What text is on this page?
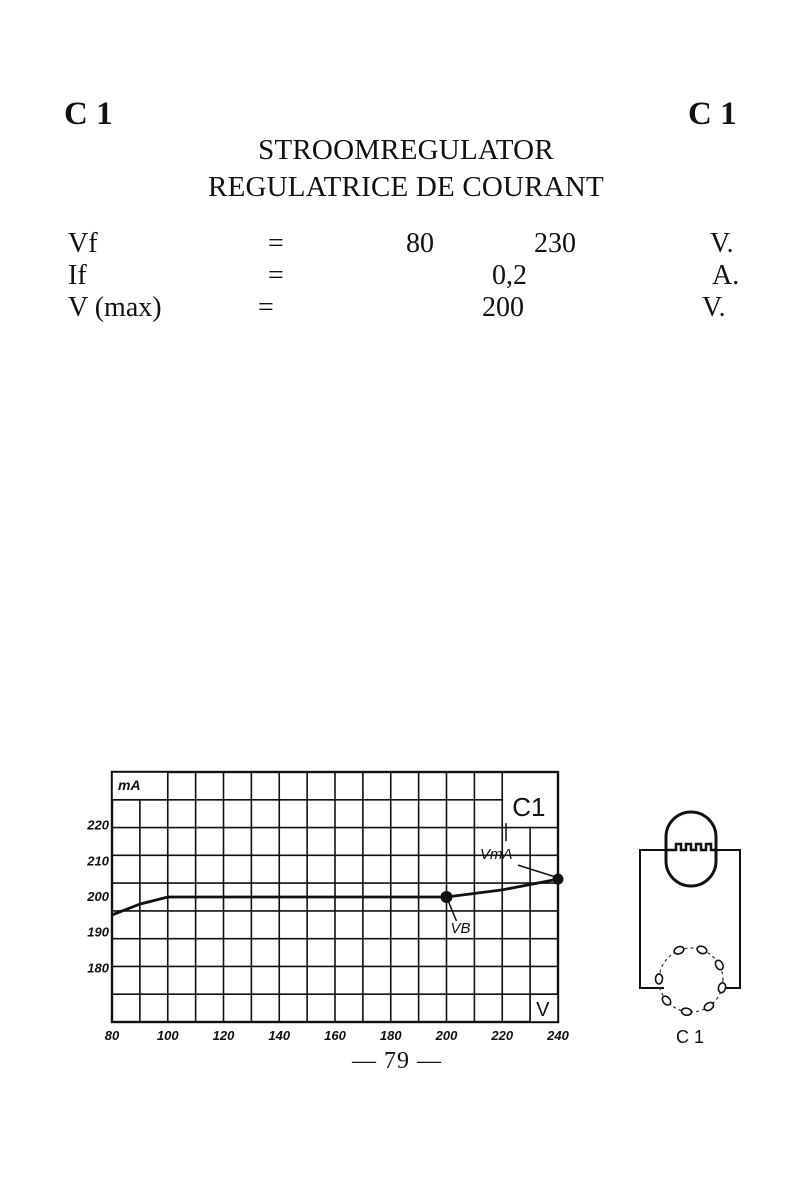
C 1	C 1
STROOMREGULATOR
REGULATRICE DE COURANT
Vf	=	80	230	V.
If	=	0,2	A.
V (max)	=	200	V.
C1
mA
V
80	100	120	140	160	180	200	220	240
220
210
200
190
180
VmA
VB
C 1
— 79 —
